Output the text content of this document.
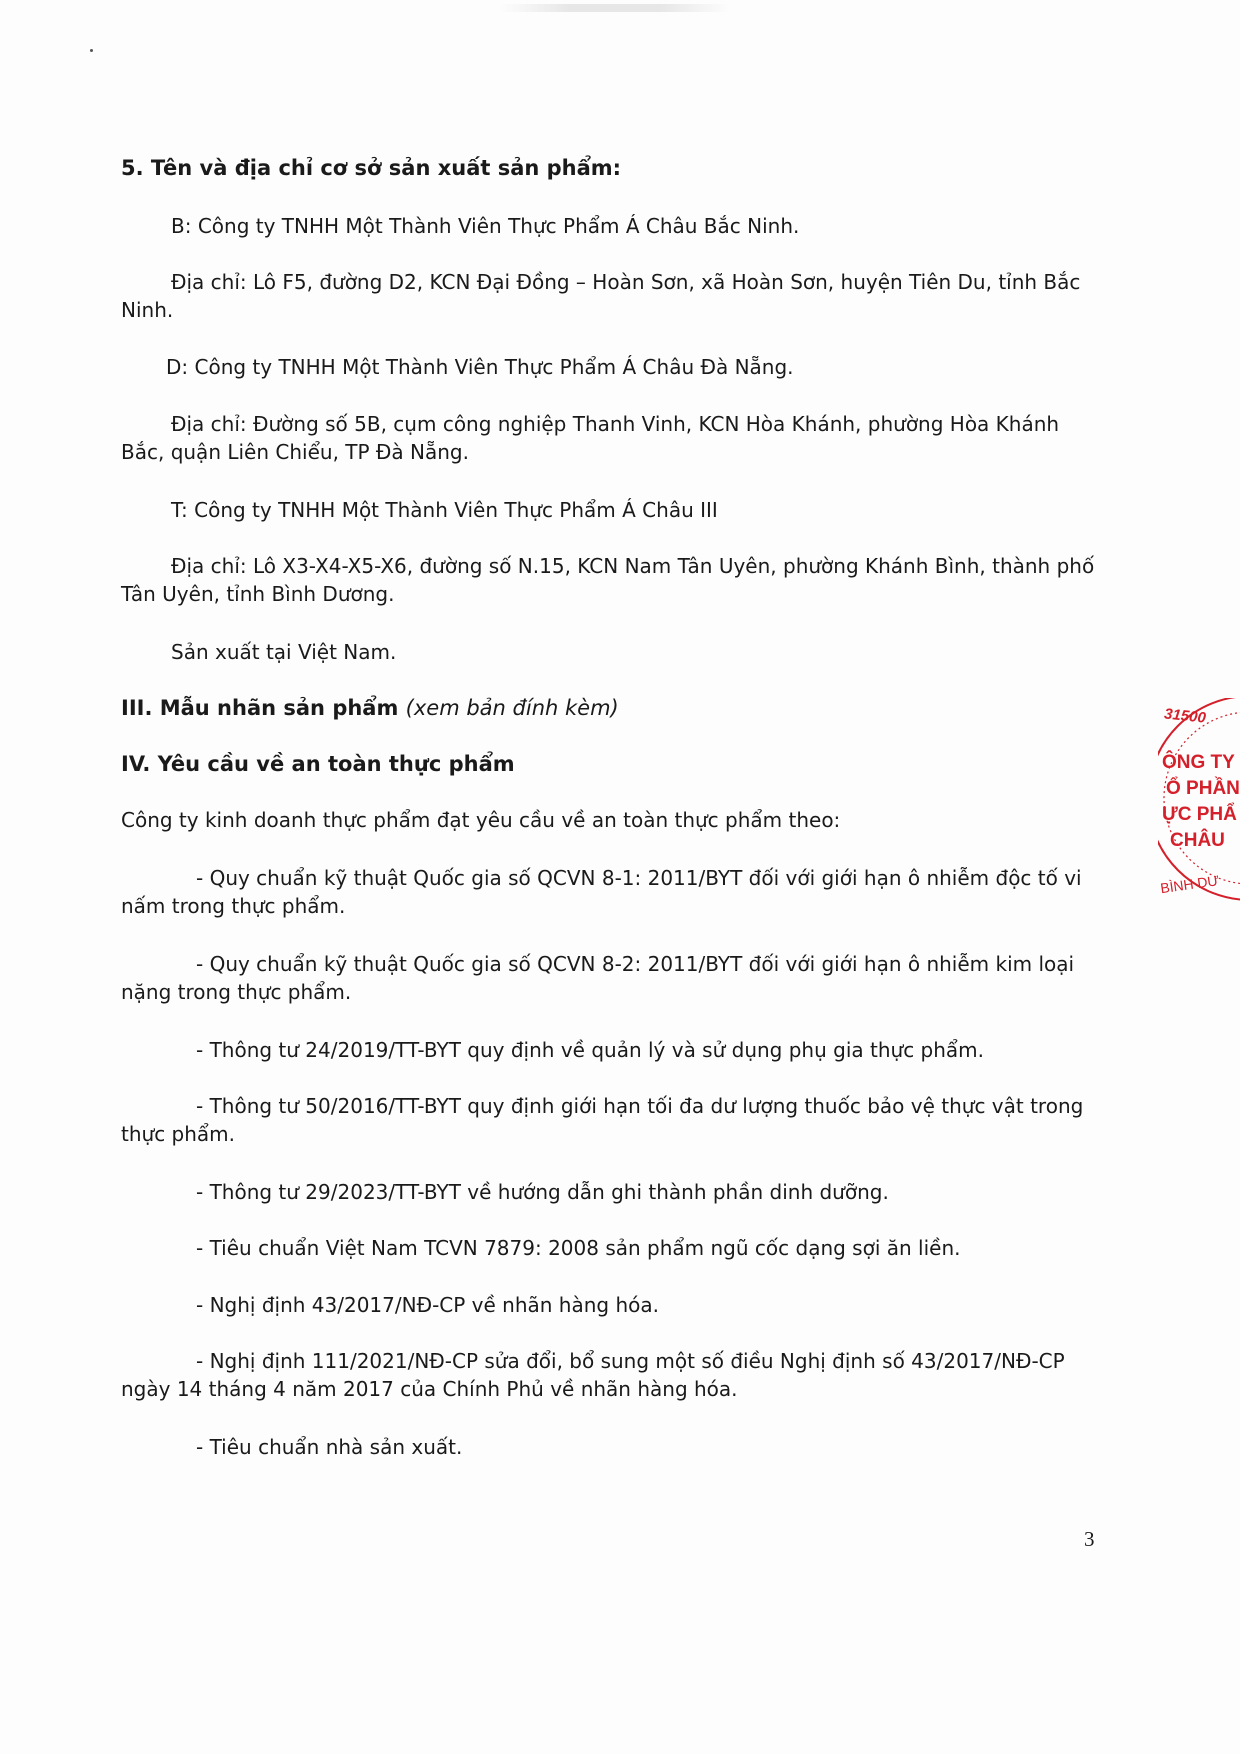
5. Tên và địa chỉ cơ sở sản xuất sản phẩm:
B: Công ty TNHH Một Thành Viên Thực Phẩm Á Châu Bắc Ninh.
Địa chỉ: Lô F5, đường D2, KCN Đại Đồng – Hoàn Sơn, xã Hoàn Sơn, huyện Tiên Du, tỉnh Bắc Ninh.
D: Công ty TNHH Một Thành Viên Thực Phẩm Á Châu Đà Nẵng.
Địa chỉ: Đường số 5B, cụm công nghiệp Thanh Vinh, KCN Hòa Khánh, phường Hòa Khánh Bắc, quận Liên Chiểu, TP Đà Nẵng.
T: Công ty TNHH Một Thành Viên Thực Phẩm Á Châu III
Địa chỉ: Lô X3-X4-X5-X6, đường số N.15, KCN Nam Tân Uyên, phường Khánh Bình, thành phố Tân Uyên, tỉnh Bình Dương.
Sản xuất tại Việt Nam.
III. Mẫu nhãn sản phẩm (xem bản đính kèm)
IV. Yêu cầu về an toàn thực phẩm
Công ty kinh doanh thực phẩm đạt yêu cầu về an toàn thực phẩm theo:
- Quy chuẩn kỹ thuật Quốc gia số QCVN 8-1: 2011/BYT đối với giới hạn ô nhiễm độc tố vi nấm trong thực phẩm.
- Quy chuẩn kỹ thuật Quốc gia số QCVN 8-2: 2011/BYT đối với giới hạn ô nhiễm kim loại nặng trong thực phẩm.
- Thông tư 24/2019/TT-BYT quy định về quản lý và sử dụng phụ gia thực phẩm.
- Thông tư 50/2016/TT-BYT quy định giới hạn tối đa dư lượng thuốc bảo vệ thực vật trong thực phẩm.
- Thông tư 29/2023/TT-BYT về hướng dẫn ghi thành phần dinh dưỡng.
- Tiêu chuẩn Việt Nam TCVN 7879: 2008 sản phẩm ngũ cốc dạng sợi ăn liền.
- Nghị định 43/2017/NĐ-CP về nhãn hàng hóa.
- Nghị định 111/2021/NĐ-CP sửa đổi, bổ sung một số điều Nghị định số 43/2017/NĐ-CP ngày 14 tháng 4 năm 2017 của Chính Phủ về nhãn hàng hóa.
- Tiêu chuẩn nhà sản xuất.
3
31500
ÔNG TY
Ổ PHẦN
ỰC PHẨ
CHÂU
BÌNH DƯ
